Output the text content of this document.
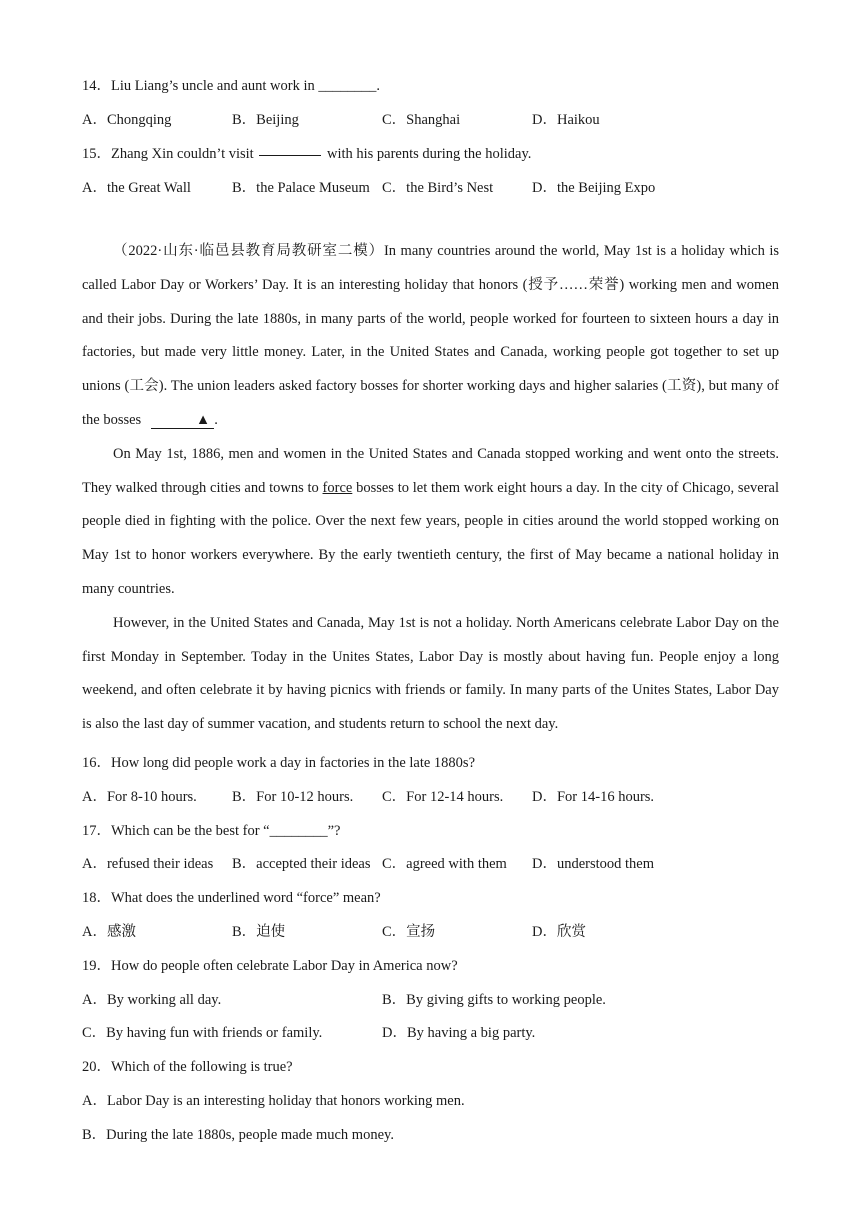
14．Liu Liang’s uncle and aunt work in ________.
A．Chongqing	B．Beijing	C．Shanghai	D．Haikou
15．Zhang Xin couldn’t visit	with his parents during the holiday.
A．the Great Wall	B．the Palace Museum C．the Bird’s Nest	D．the Beijing Expo

（2022·山东·临邑县教育局教研室二模）In many countries around the world, May 1st is a holiday which is called Labor Day or Workers’ Day. It is an interesting holiday that honors (授予……荣誉) working men and women and their jobs. During the late 1880s, in many parts of the world, people worked for fourteen to sixteen hours a day in factories, but made very little money. Later, in the United States and Canada, working people got together to set up unions (工会). The union leaders asked factory bosses for shorter working days and higher salaries (工资), but many of the bosses	▲ .

On May 1st, 1886, men and women in the United States and Canada stopped working and went onto the streets. They walked through cities and towns to force bosses to let them work eight hours a day. In the city of Chicago, several people died in fighting with the police. Over the next few years, people in cities around the world stopped working on May 1st to honor workers everywhere. By the early twentieth century, the first of May became a national holiday in many countries.

However, in the United States and Canada, May 1st is not a holiday. North Americans celebrate Labor Day on the first Monday in September. Today in the Unites States, Labor Day is mostly about having fun. People enjoy a long weekend, and often celebrate it by having picnics with friends or family. In many parts of the Unites States, Labor Day is also the last day of summer vacation, and students return to school the next day.

16．How long did people work a day in factories in the late 1880s?
A．For 8-10 hours. B．For 10-12 hours. C．For 12-14 hours. D．For 14-16 hours.
17．Which can be the best for “________”?
A．refused their ideas B．accepted their ideas C．agreed with them D．understood them
18．What does the underlined word “force” mean?
A．感激	B．迫使	C．宣扬	D．欣赏
19．How do people often celebrate Labor Day in America now?
A．By working all day.	B．By giving gifts to working people.
C．By having fun with friends or family.	D．By having a big party.
20．Which of the following is true?
A．Labor Day is an interesting holiday that honors working men.
B．During the late 1880s, people made much money.
